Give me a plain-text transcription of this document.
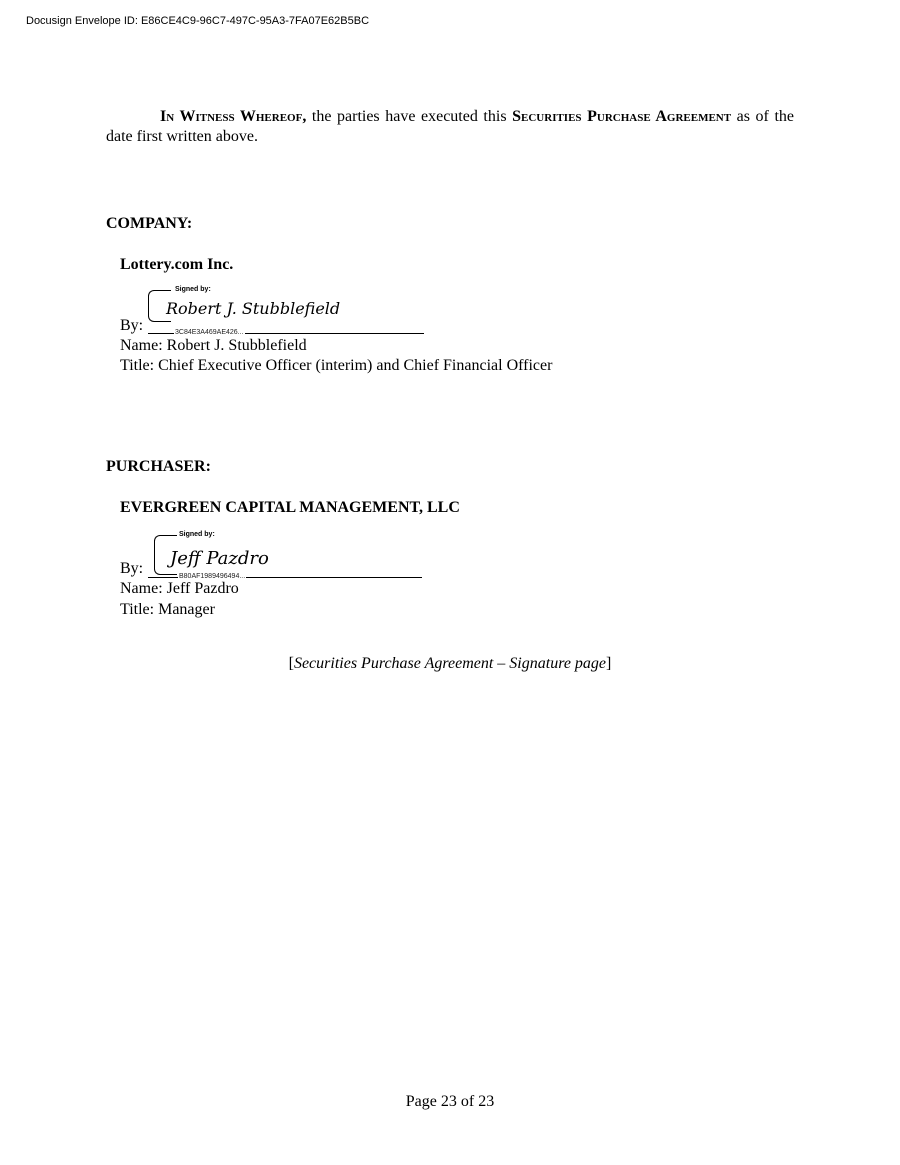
Docusign Envelope ID: E86CE4C9-96C7-497C-95A3-7FA07E62B5BC
In Witness Whereof, the parties have executed this Securities Purchase Agreement as of the date first written above.
COMPANY:
Lottery.com Inc.
Signed by:
Robert J. Stubblefield
By:	3C84E3A469AE426...
Name: Robert J. Stubblefield
Title: Chief Executive Officer (interim) and Chief Financial Officer
PURCHASER:
EVERGREEN CAPITAL MANAGEMENT, LLC
Signed by:
Jeff Pazdro
By:	B80AF1989496494...
Name: Jeff Pazdro
Title: Manager
[Securities Purchase Agreement – Signature page]
Page 23 of 23
